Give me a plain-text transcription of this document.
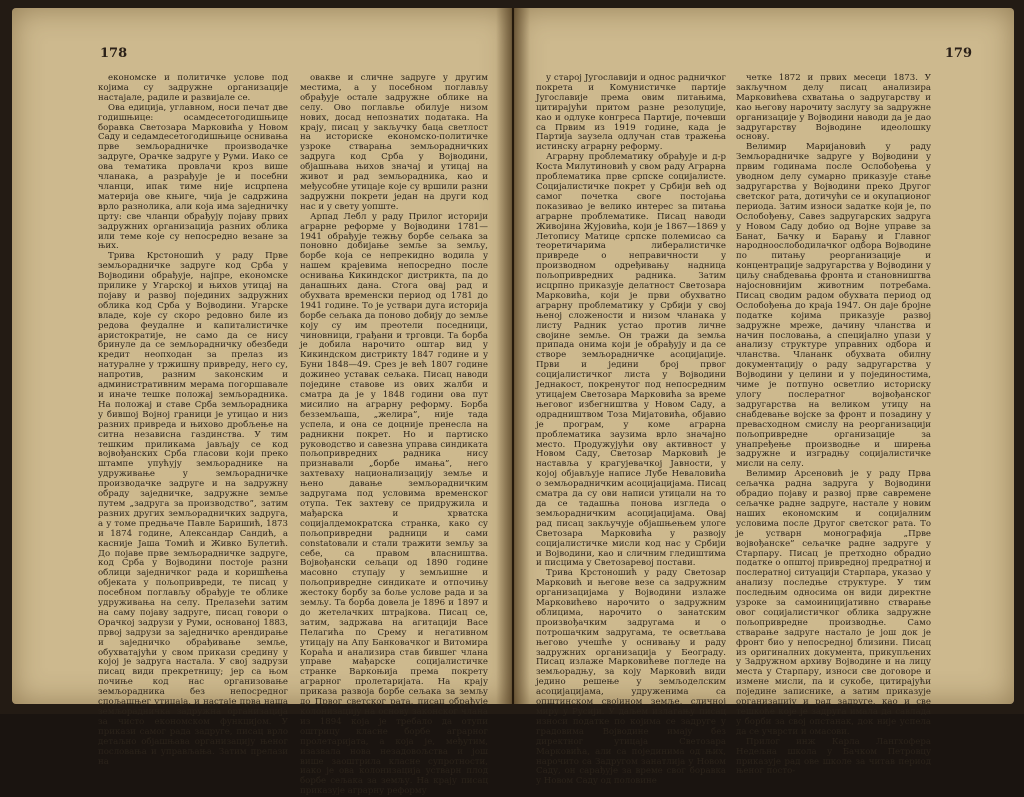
178

економске и политичке услове под којима су задружне организације настајале, радиле и развијале се.

Ова едиција, углавном, носи печат две годишњице: осамдесетогодишњице боравка Светозара Марковића у Новом Саду и седамдесетогодишњице оснивања прве земљорадничке производачке задруге, Орачке задруге у Руми. Иако се ова тематика провлачи кроз више чланака, а разрађује је и посебни чланци, ипак тиме није исцрпена материја ове књиге, чија је садржина врло разнолика, али која има заједничку црту: све чланци обрађују појаву првих задружних организација разних облика или теме које су непосредно везане за њих.

Тривa Крстоношић у раду Прве земљорадничке задруге код Срба у Војводини обрађује, најпре, економске прилике у Угарској и њихов утицај на појаву и развој појединих задружних облика код Срба у Војводини. Угарске владе, које су скоро редовно биле из редова феудалне и капиталистичке аристократије, не само да се нису бринуле да се земљорадничку обезбеди кредит неопходан за прелаз из натуралне у тржишну привреду, него су, напротив, разним законским и административним мерама погоршавале и иначе тешке положај земљорадника. На положај и ставе Срба земљорадника у бившој Војној граници је утицао и низ разних привреда и њихово дробљење на ситна независна газдинства. У тим тешким приликама јављају се код војвођанских Срба гласови који преко штампе упућују земљораднике на удруживање у земљорадничке производачке задруге и на задружну обраду заједничке, задружне земље путем „задруга за производство”, затим разних других земљорадничких задруга, а у томе предњаче Павле Баришић, 1873 и 1874 године, Александар Сандић, а касније Јаша Томић и Живко Булетић. До појаве прве земљорадничке задруге, код Срба у Војводини постоје разни облици заједничког рада и коришћења објеката у пољопривреди, те писац у посебном поглављу обрађује те облике удруживања на селу. Прелазећи затим на саму појаву задруге, писац говори о Орачкој задрузи у Руми, основаној 1883, првој задрузи за заједничко арендирање и заједничко обрађивање земље, обухватајући у свом прикази средину у којој је задруга настала. У свој задрузи писац види прекретницу; јер са њом почиње код нас организовање земљорадника без непосредног спољашњег утицаја, и настаје прва наша земљорадничка задружна организација за чисто економском функцијом. У прикази самог рада задруге, писац врло детаљно објашњава организацију њеног пословања и управљања. Затим прелази на

овакве и сличне задруге у другим местима, а у посебном поглављу обрађује остале задружне облике на селу. Ово поглавље обилује низом нових, досад непознатих података. На крају, писац у закључку баца светлост на историске економско-политичке узроке стварања земљорадничких задруга код Срба у Војводини, објашњава њихов значај и утицај на живот и рад земљорадника, као и међусобне утицаје које су вршили разни задружни покрети један на други код нас и у свету уопште.

Арпад Лебл у раду Прилог историји аграрне реформе у Војводини 1781—1941 обрађује тежњу борбе сељака за поновно добијање земље за земљу, борбе која се непрекидно водила у нашем крајевима непосредно после оснивања Кикиндског дистрикта, па до данашњих дана. Стога овај рад и обухвата временски период од 1781 до 1941 године. То је уствари дуга историја борбе сељака да поново добију до земље коју су им преотели поседници, чиновници, грађани и трговци. Та борба је добила нарочито оштар вид у Кикиндском дистрикту 1847 године и у Буни 1848—49. Срез је већ 1807 године дожинео уставак сељака. Писац наводи поједине ставове из ових жалби и сматра да је у 1848 години ова пут мисилио на аграрну реформу. Борба безземљаша, „желира”, није тада успела, и она се доцније пренесла на радникни покрет. Но и партиско руководство и савезна управа синдиката пољопривредних радника нису признавали „борбе имања”, него захтеваху национализацију земље и њено давање земљорадничким задругама под условима временског отупа. Тек захтеву се придружила и мађарска и хрватска социјалдемократска странка, како су пољопривредни радници и сами constatовали и стали тражити земљу за себе, са правом власништва. Војвођански сељаци од 1890 године масовно ступају у земљишне и пољопривредне синдикате и отпочињу жестоку борбу за боље услове рада и за земљу. Та борба довела је 1896 и 1897 и до жетелачких штрајкова. Писац се, затим, задржава на агитацији Васе Пелагића по Срему и негативном утицају на Апу Банковачког и Витомира Кораћа и анализира став бившег члана управе мађарске социјалистичке странке Варкоњија према покрету аграрног пролетаријата. На крају приказа развоја борбе сељака за земљу до Првог светског рата, писац обрађује колонизацију на основу законског члана из 1894 која је требало да отупи оштрицу класне борбе аграрног пролетаријата, а која је, међутим, изазвала нова незадовољства и још више заоштрила класне супротности, иако је ова колонизација устварн плод борбе сељака за земљу. На крају писац приказује аграрну реформу

179

у старој Југославији и однос радничког покрета и Комунистичке партије Југославије према овим питањима, цитирајући притом разне резолуције, као и одлуке конгреса Партије, почевши са Првим из 1919 године, када је Партија заузела одлучан став тражења истинску аграрну реформу.

Аграрну проблематику обрађује и д-р Коста Милутиновић у свом раду Аграрна проблематика прве српске социјалисте. Социјалистичке покрет у Србији већ од самог почетка своге постојања показивао је велико интерес за питања аграрне проблематике. Писац наводи Живојина Жујовића, који је 1867—1869 у Летопису Матице српске полемисао са теоретичарима либералистичке привреде о неправичности у производном одређивању надница пољопривредних радника. Затим исцрпно приказује делатност Светозара Марковића, који је први обухватно аграрну проблематику у Србији у свој њеној сложености и низом чланака у листу Радник устао против личне својине земље. Он тражи да земља припада онима који је обрађују и да се створе земљорадничке асоцијације. Први и једини број првог социјалистичког листа у Војводини Једнакост, покренутог под непосредним утицајем Светозара Марковића за време његовог избегништва у Новом Саду, а одрадништвом Тоза Мијатовића, објавио је програм, у коме аграрна проблематика заузима врло значајно место. Продужујући ову активност у Новом Саду, Светозар Марковић је наставља у крагујевачкој Јавности, у којој објављује написе Лубе Неваловића о земљорадничким асоцијацијама. Писац сматра да су ови написи утицали на то да се тадашња понова изгледа о земљорадничким асоцијацијама. Овај рад писац закључује објашњењем улоге Светозара Марковића у развоју социјалистичке мисли код нас у Србији и Војводини, као и сличним гледиштима и писцима у Светозаревој постави.

Трива Крстоношић у раду Светозар Марковић и његове везе са задружним организацијама у Војводини излаже Марковићево нарочито о задружним облицима, нарочито о занатским произвођачким задругама и о потрошачким задругама, те осветљава његово учешће у оснивању и раду задружних организација у Београду. Писац излаже Марковићеве погледе на земљорадњу, за коју Марковић види једино решење у земљоделским асоцијацијама, удруженима са општинском својином земље, сличној миру у Русији. У даљем излагању писац износи податке по којима се задруге у градовима Војводине имају без директног утицаја Светозара Марковића, али са појединима од њих, нарочито са Задругом занатлија у Новом Саду, он сарађује за време свог боравка у Новом Саду од половине

четке 1872 и првих месеци 1873. У закључном делу писац анализира Марковићева схватања о задругарству и као његову нарочиту заслугу за задружне организације у Војводини наводи да је дао задругарству Војводине идеолошку основу.

Велимир Маријановић у раду Земљорадничке задруге у Војводини у првим годинама после Ослобођења у уводном делу сумарно приказује стање задругарства у Војводини преко Другог светског рата, дотичући се и окупационог периода. Затим износи задатке који је, по Ослобођењу, Савез задругарских задруга у Новом Саду добио од Војне управе за Банат, Бачку и Барању и Главног народноослободилачког одбора Војводине по питању реорганизације и концентрације задругарства у Војводини у циљу снабдевања фронта и становништва најосновнијим животним потребама. Писац сводим радом обухвата период од Ослобођења до краја 1947. Он даје бројне податке којима приказује развој задружне мреже, дачину чланства и начин пословања, а специјално упази у анализу структуре управних одбора и чланства. Члананк обухвата обилну документацију о раду задругарства у Војводини у целини и у појединостима, чиме је потпуно осветлио историску улогу послератног војвођанског задругарства на великом утицу на снабдевање војске за фронт и позадину у превасходном смислу на реорганизацији пољопривредне организације за унапређење производње и ширења задружне и изградњу социјалистичке мисли на селу.

Велимир Арсеновић је у раду Прва сељачка радна задруга у Војводини обрадио појаву и развој прве савремене сељачке радне задруге, настале у новим наших економским и социјалним условима после Другог светског рата. То је устварн монографија „Прве војвођанске” сељачке радне задруге у Старпару. Писац је претходно обрадио податке о општој привредној предратној и послератној ситуацији Старпара, указао у анализу последње структуре. У тим последњим односима он види директне узроке за самоиницијативно стварање овог социјалистичког облика задружне пољопривредне производње. Само стварање задруге настало је још док је фронт био у непосредној близини. Писац из оригиналних документа, прикупљених у Задружном архиву Војводине и на лицу места у Старпару, износи све договоре и измене мисли, па и сукобе, цитирајући поједине записнике, а затим приказује организацију и рад задруге, као и све тешкоће које је задруга имала да савлада у борби за своj опстанак, док није успела да се учврсти и омасови.

Прилог инж Карла Лангхофера Недељна школа у Бачком Петровцу приказује рад ове школе за читав период њеног посто-
